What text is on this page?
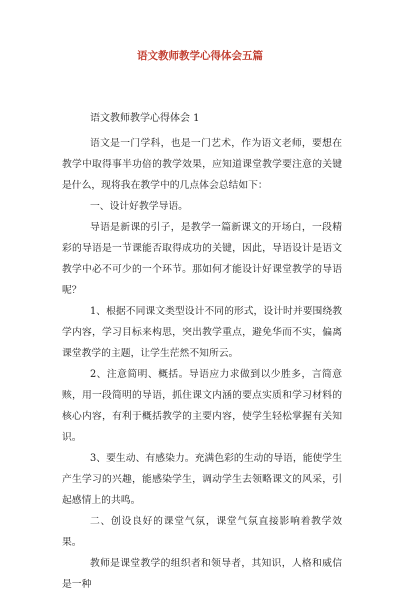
语文教师教学心得体会五篇
语文教师教学心得体会 1

语文是一门学科，也是一门艺术，作为语文老师，要想在教学中取得事半功倍的教学效果，应知道课堂教学要注意的关键是什么，现将我在教学中的几点体会总结如下：

一、设计好教学导语。

导语是新课的引子，是教学一篇新课文的开场白，一段精彩的导语是一节课能否取得成功的关键，因此，导语设计是语文教学中必不可少的一个环节。那如何才能设计好课堂教学的导语呢？

1、根据不同课文类型设计不同的形式，设计时并要围绕教学内容，学习目标来构思，突出教学重点，避免华而不实，偏离课堂教学的主题，让学生茫然不知所云。

2、注意简明、概括。导语应力求做到以少胜多，言简意赅，用一段简明的导语，抓住课文内涵的要点实质和学习材料的核心内容，有利于概括教学的主要内容，使学生轻松掌握有关知识。

3、要生动、有感染力。充满色彩的生动的导语，能使学生产生学习的兴趣，能感染学生，调动学生去领略课文的风采，引起感情上的共鸣。

二、创设良好的课堂气氛，课堂气氛直接影响着教学效果。

教师是课堂教学的组织者和领导者，其知识，人格和威信是一种
